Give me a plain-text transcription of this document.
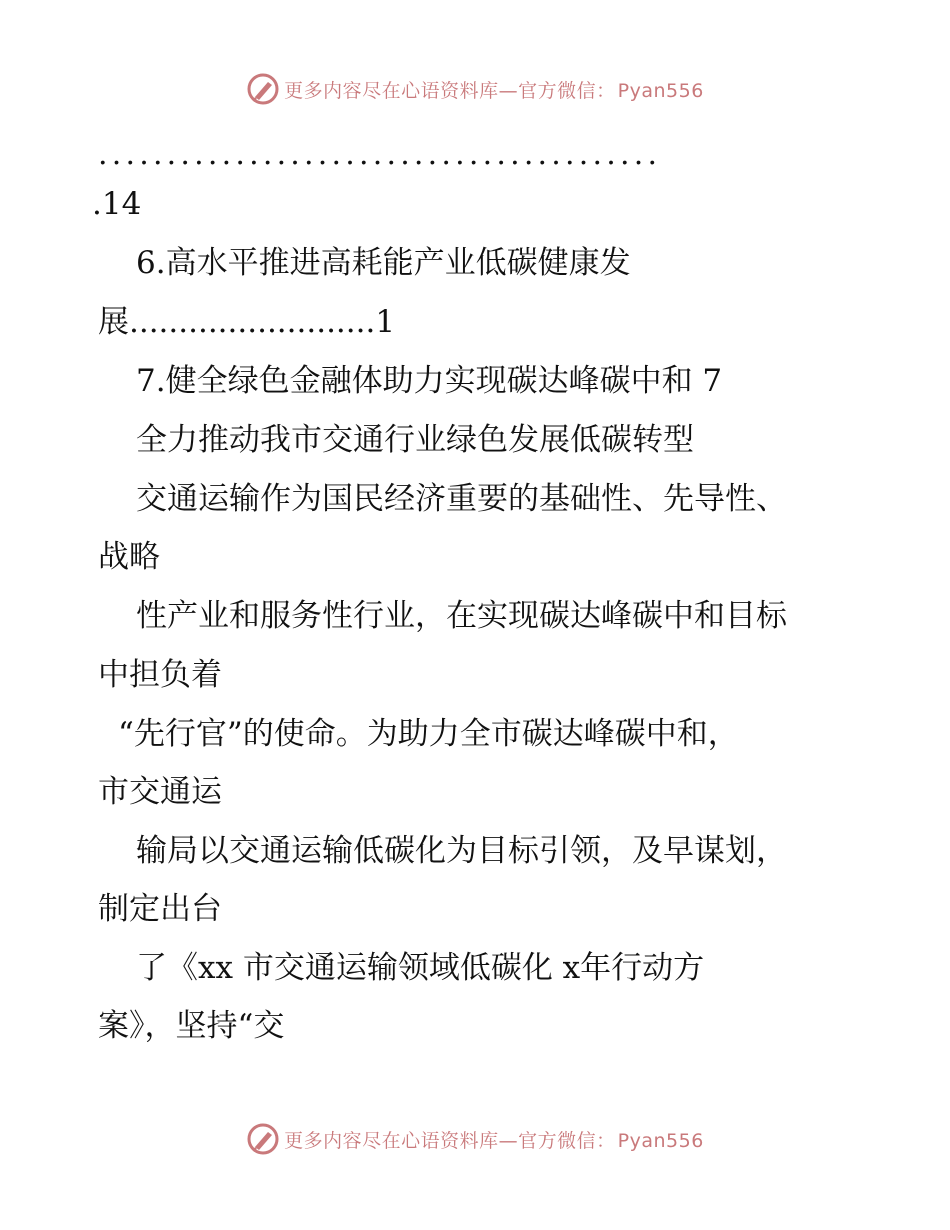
更多内容尽在心语资料库—官方微信： Pyan556
.........................................
.14
6.高水平推进高耗能产业低碳健康发
展.........................1
7.健全绿色金融体助力实现碳达峰碳中和 7
全力推动我市交通行业绿色发展低碳转型
交通运输作为国民经济重要的基础性、先导性、
战略
性产业和服务性行业，在实现碳达峰碳中和目标
中担负着
“先行官”的使命。为助力全市碳达峰碳中和，
市交通运
输局以交通运输低碳化为目标引领，及早谋划，
制定出台
了《xx 市交通运输领域低碳化 x年行动方
案》，坚持“交
更多内容尽在心语资料库—官方微信： Pyan556
